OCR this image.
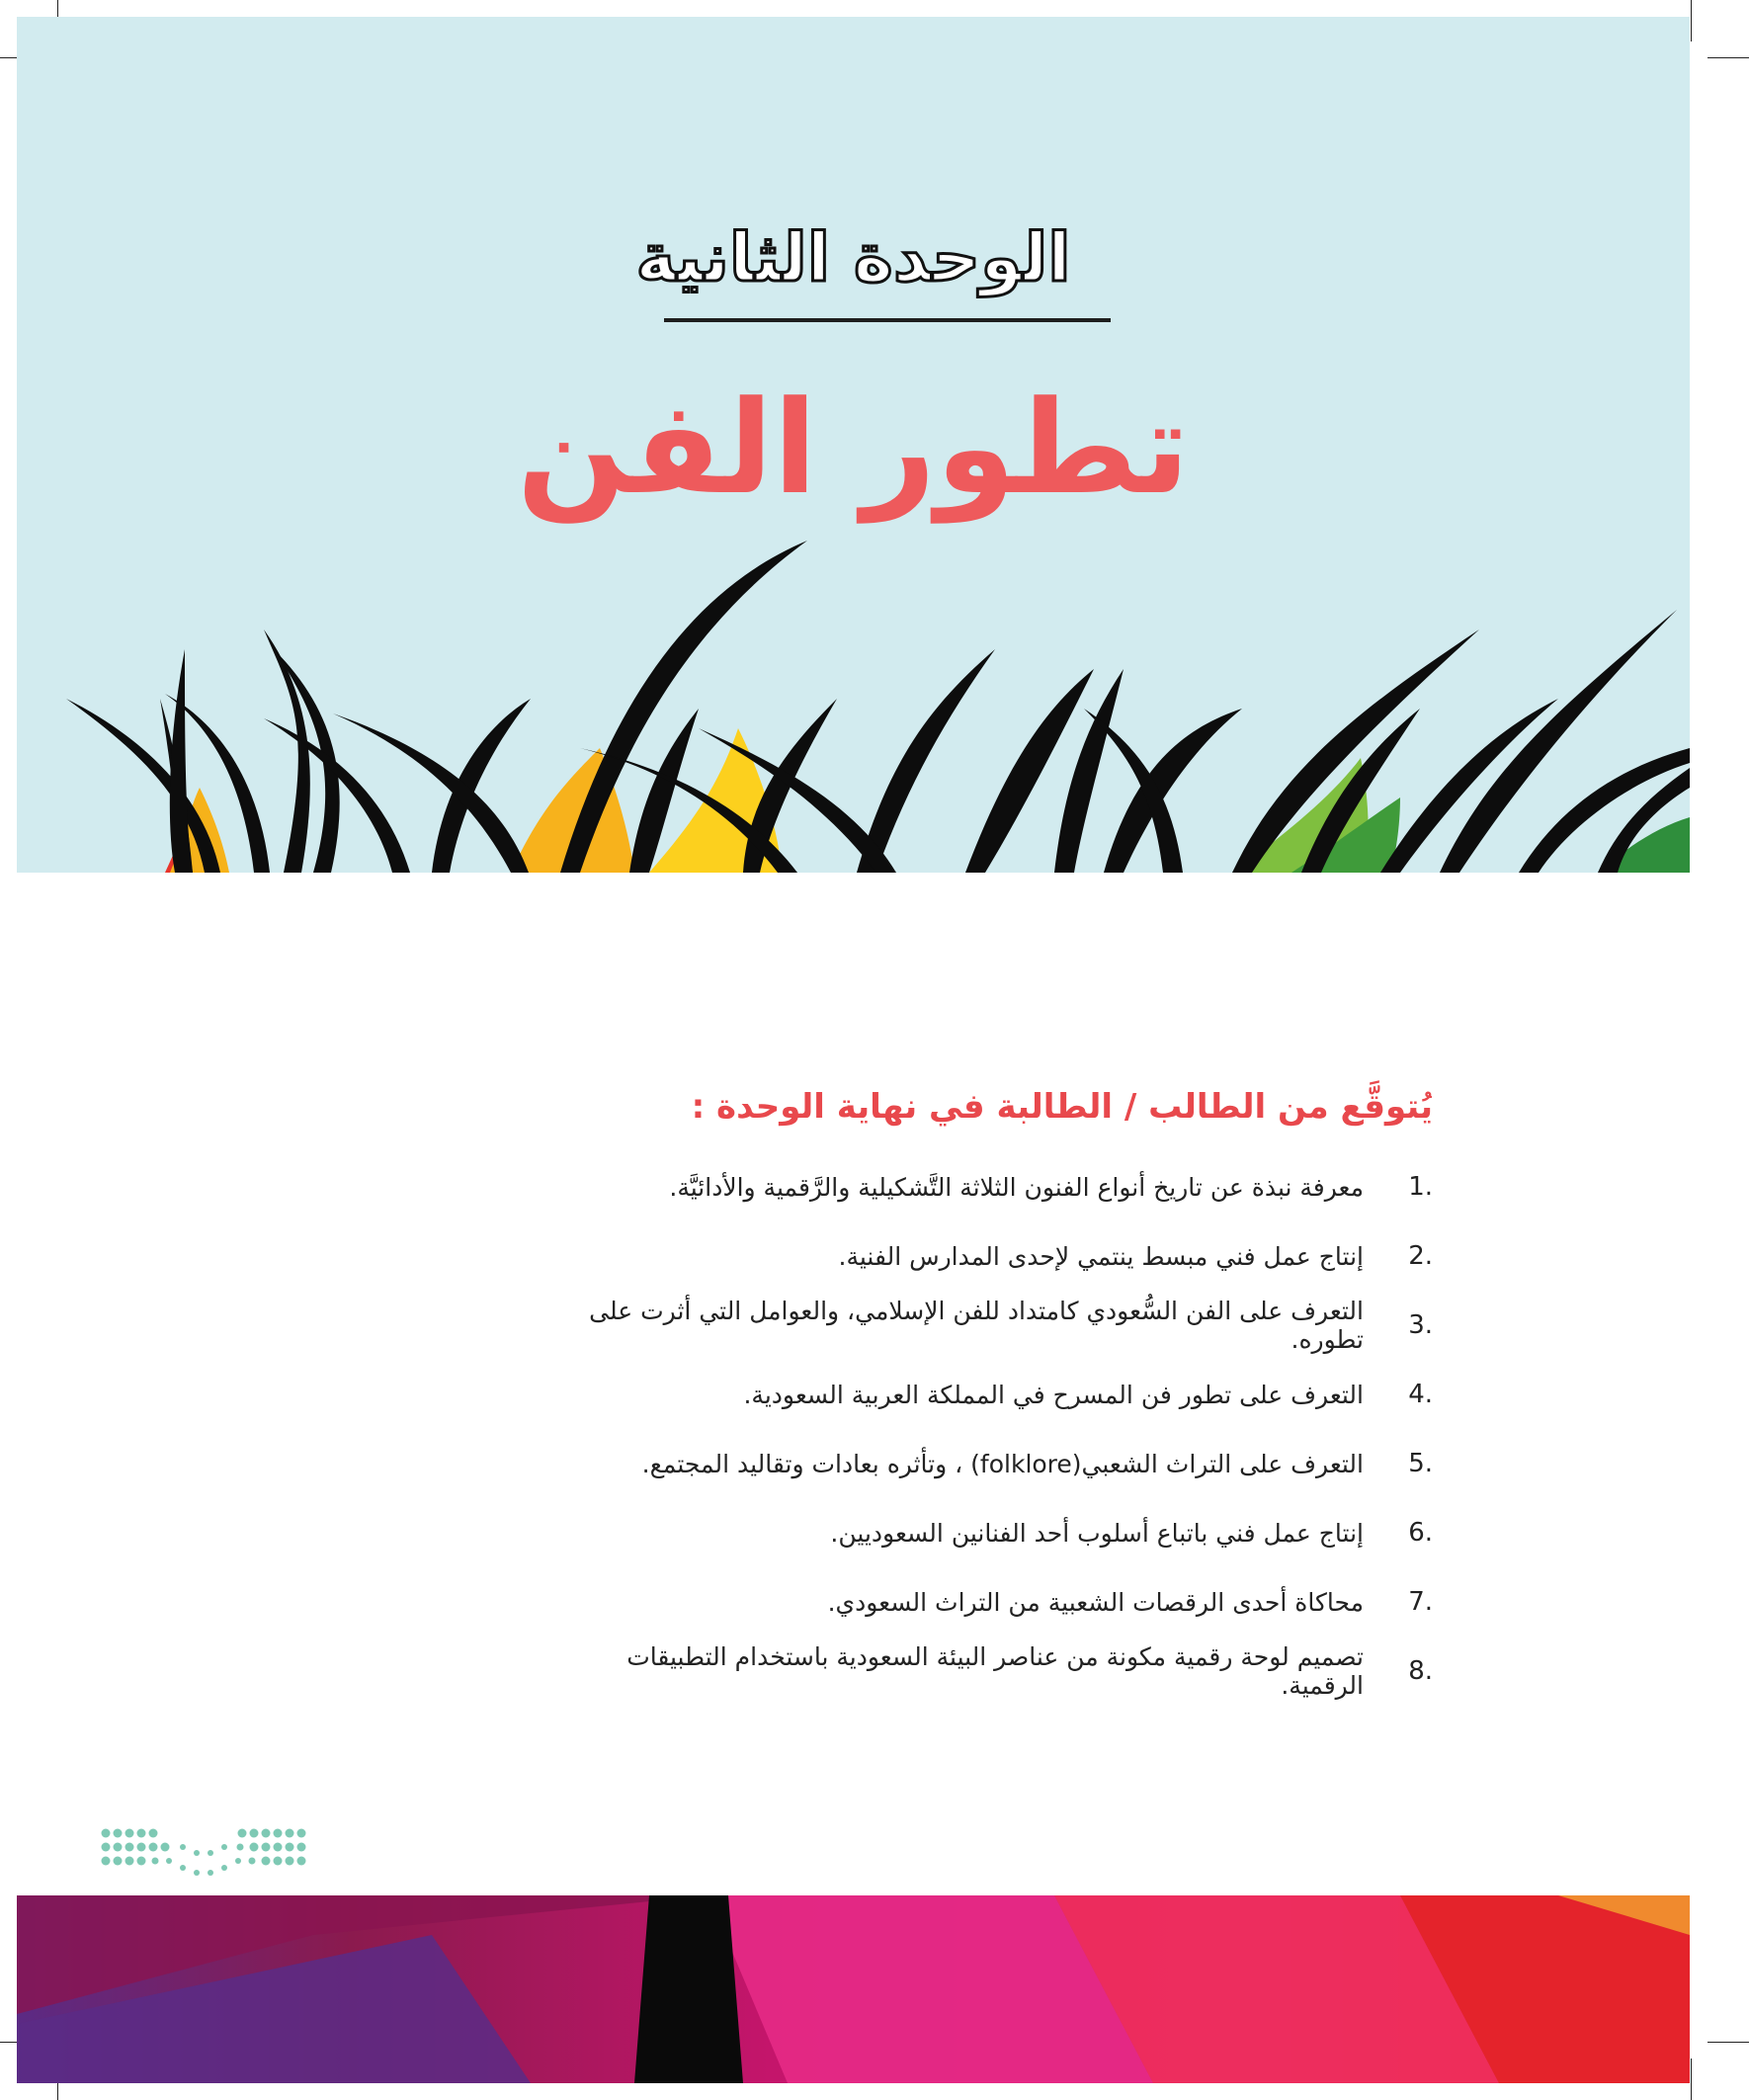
الوحدة الثانية
تطور الفن
يُتوقَّع من الطالب / الطالبة في نهاية الوحدة :
1.
معرفة نبذة عن تاريخ أنواع الفنون الثلاثة التَّشكيلية والرَّقمية والأدائيَّة.
2.
إنتاج عمل فني مبسط ينتمي لإحدى المدارس الفنية.
3.
التعرف على الفن السُّعودي كامتداد للفن الإسلامي، والعوامل التي أثرت على تطوره.
4.
التعرف على تطور فن المسرح في المملكة العربية السعودية.
5.
التعرف على التراث الشعبي(folklore) ، وتأثره بعادات وتقاليد المجتمع.
6.
إنتاج عمل فني باتباع أسلوب أحد الفنانين السعوديين.
7.
محاكاة أحدى الرقصات الشعبية من التراث السعودي.
8.
تصميم لوحة رقمية مكونة من عناصر البيئة السعودية باستخدام التطبيقات الرقمية.
